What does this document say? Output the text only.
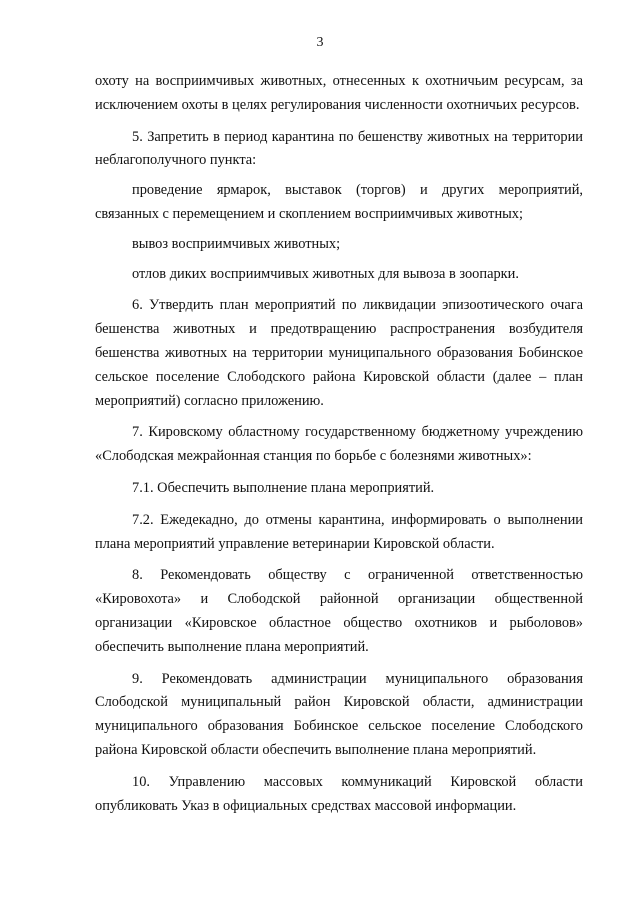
3

охоту на восприимчивых животных, отнесенных к охотничьим ресурсам, за исключением охоты в целях регулирования численности охотничьих ресурсов.

5. Запретить в период карантина по бешенству животных на территории неблагополучного пункта:

проведение ярмарок, выставок (торгов) и других мероприятий, связанных с перемещением и скоплением восприимчивых животных;

вывоз восприимчивых животных;

отлов диких восприимчивых животных для вывоза в зоопарки.

6. Утвердить план мероприятий по ликвидации эпизоотического очага бешенства животных и предотвращению распространения возбудителя бешенства животных на территории муниципального образования Бобинское сельское поселение Слободского района Кировской области (далее – план мероприятий) согласно приложению.

7. Кировскому областному государственному бюджетному учреждению «Слободская межрайонная станция по борьбе с болезнями животных»:

7.1. Обеспечить выполнение плана мероприятий.

7.2. Ежедекадно, до отмены карантина, информировать о выполнении плана мероприятий управление ветеринарии Кировской области.

8. Рекомендовать обществу с ограниченной ответственностью «Кировохота» и Слободской районной организации общественной организации «Кировское областное общество охотников и рыболовов» обеспечить выполнение плана мероприятий.

9. Рекомендовать администрации муниципального образования Слободской муниципальный район Кировской области, администрации муниципального образования Бобинское сельское поселение Слободского района Кировской области обеспечить выполнение плана мероприятий.

10. Управлению массовых коммуникаций Кировской области опубликовать Указ в официальных средствах массовой информации.
